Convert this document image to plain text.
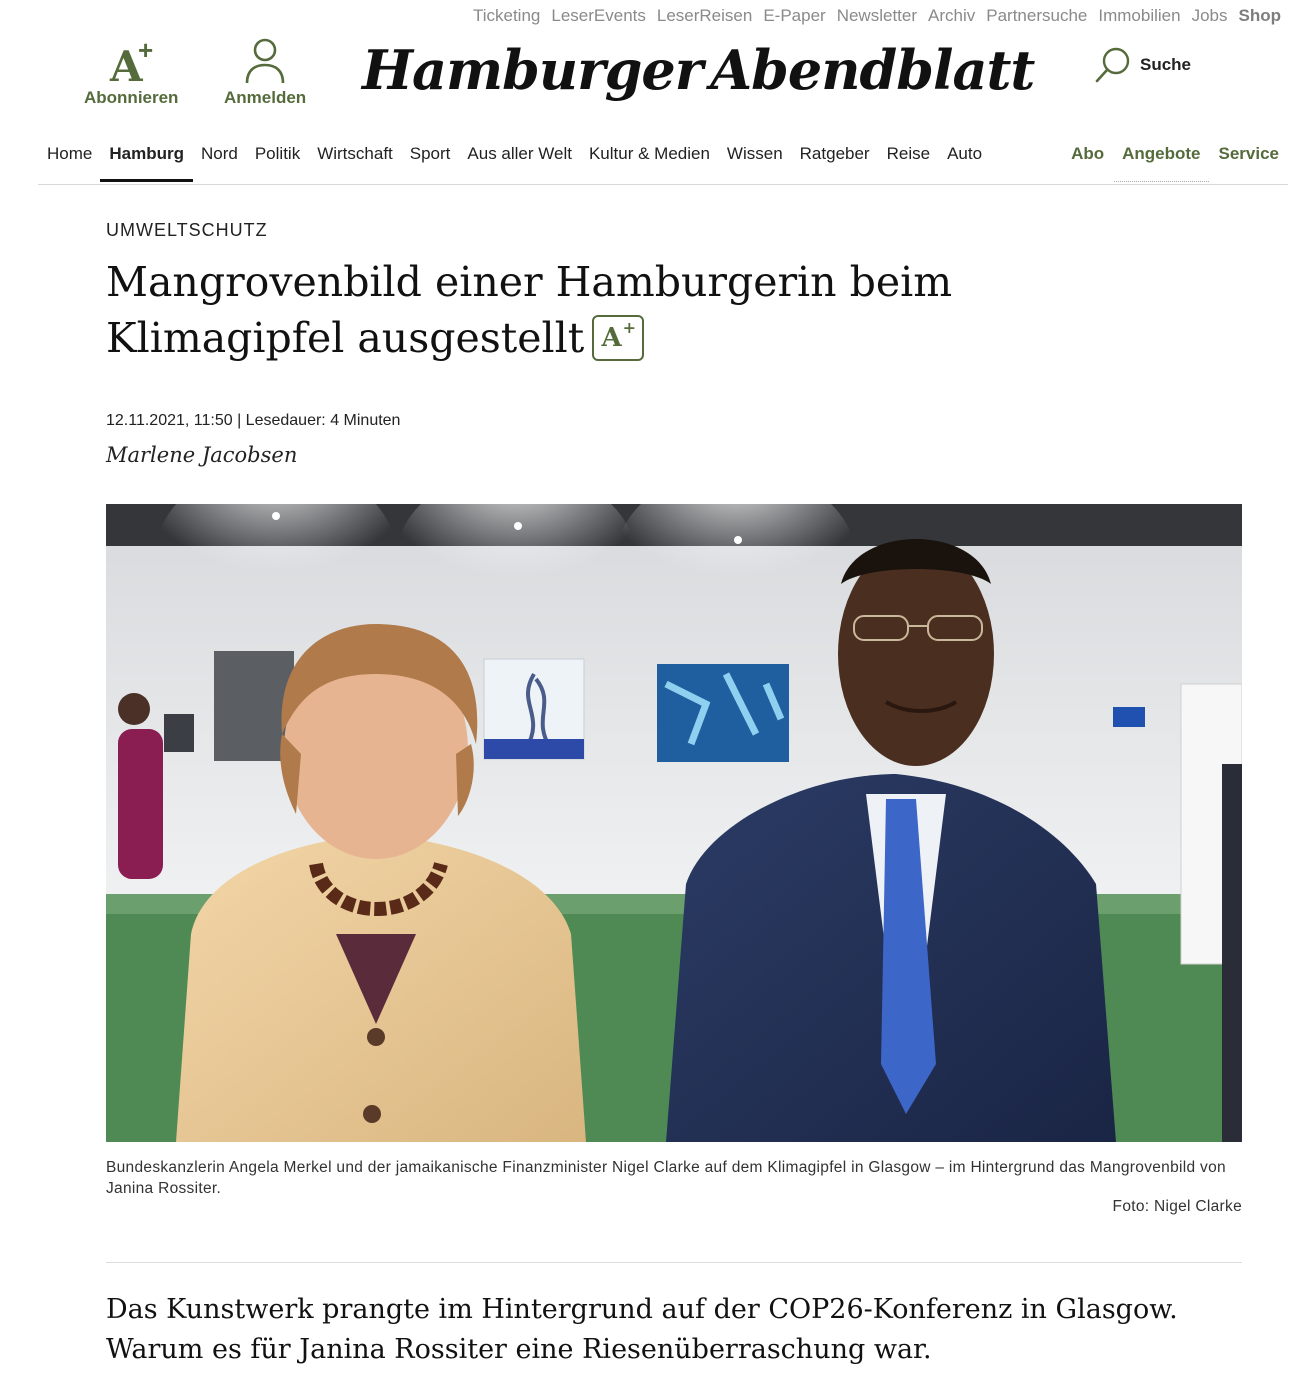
Ticketing LeserEvents LeserReisen E-Paper Newsletter Archiv Partnersuche Immobilien Jobs Shop
A
+
Abonnieren	Anmelden Hamburger Abendblatt	Suche
Home Hamburg Nord Politik Wirtschaft Sport Aus aller Welt Kultur & Medien Wissen Ratgeber Reise Auto	Abo Angebote Service
UMWELTSCHUTZ
Mangrovenbild einer Hamburgerin beim Klimagipfel ausgestellt A +
12.11.2021, 11:50 | Lesedauer: 4 Minuten
Marlene Jacobsen
Bundeskanzlerin Angela Merkel und der jamaikanische Finanzminister Nigel Clarke auf dem Klimagipfel in Glasgow – im Hintergrund das Mangrovenbild von Janina Rossiter.
Foto: Nigel Clarke

Das Kunstwerk prangte im Hintergrund auf der COP26-Konferenz in Glasgow. Warum es für Janina Rossiter eine Riesenüberraschung war.
